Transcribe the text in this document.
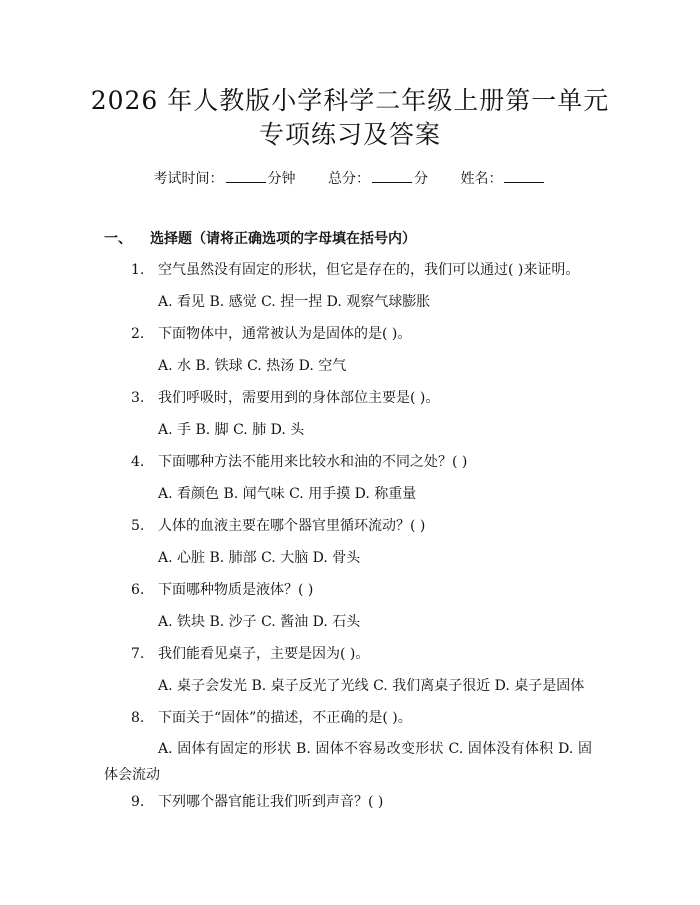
2026 年人教版小学科学二年级上册第一单元
专项练习及答案
考试时间：	分钟 总分：	分 姓名：
一、 选择题（请将正确选项的字母填在括号内）
1. 空气虽然没有固定的形状，但它是存在的，我们可以通过( )来证明。
A. 看见 B. 感觉 C. 捏一捏 D. 观察气球膨胀
2. 下面物体中，通常被认为是固体的是( )。
A. 水 B. 铁球 C. 热汤 D. 空气
3. 我们呼吸时，需要用到的身体部位主要是( )。
A. 手 B. 脚 C. 肺 D. 头
4. 下面哪种方法不能用来比较水和油的不同之处？( )
A. 看颜色 B. 闻气味 C. 用手摸 D. 称重量
5. 人体的血液主要在哪个器官里循环流动？( )
A. 心脏 B. 肺部 C. 大脑 D. 骨头
6. 下面哪种物质是液体？( )
A. 铁块 B. 沙子 C. 酱油 D. 石头
7. 我们能看见桌子，主要是因为( )。
A. 桌子会发光 B. 桌子反光了光线 C. 我们离桌子很近 D. 桌子是固体
8. 下面关于“固体”的描述，不正确的是( )。
A. 固体有固定的形状 B. 固体不容易改变形状 C. 固体没有体积 D. 固体会流动
9. 下列哪个器官能让我们听到声音？( )
